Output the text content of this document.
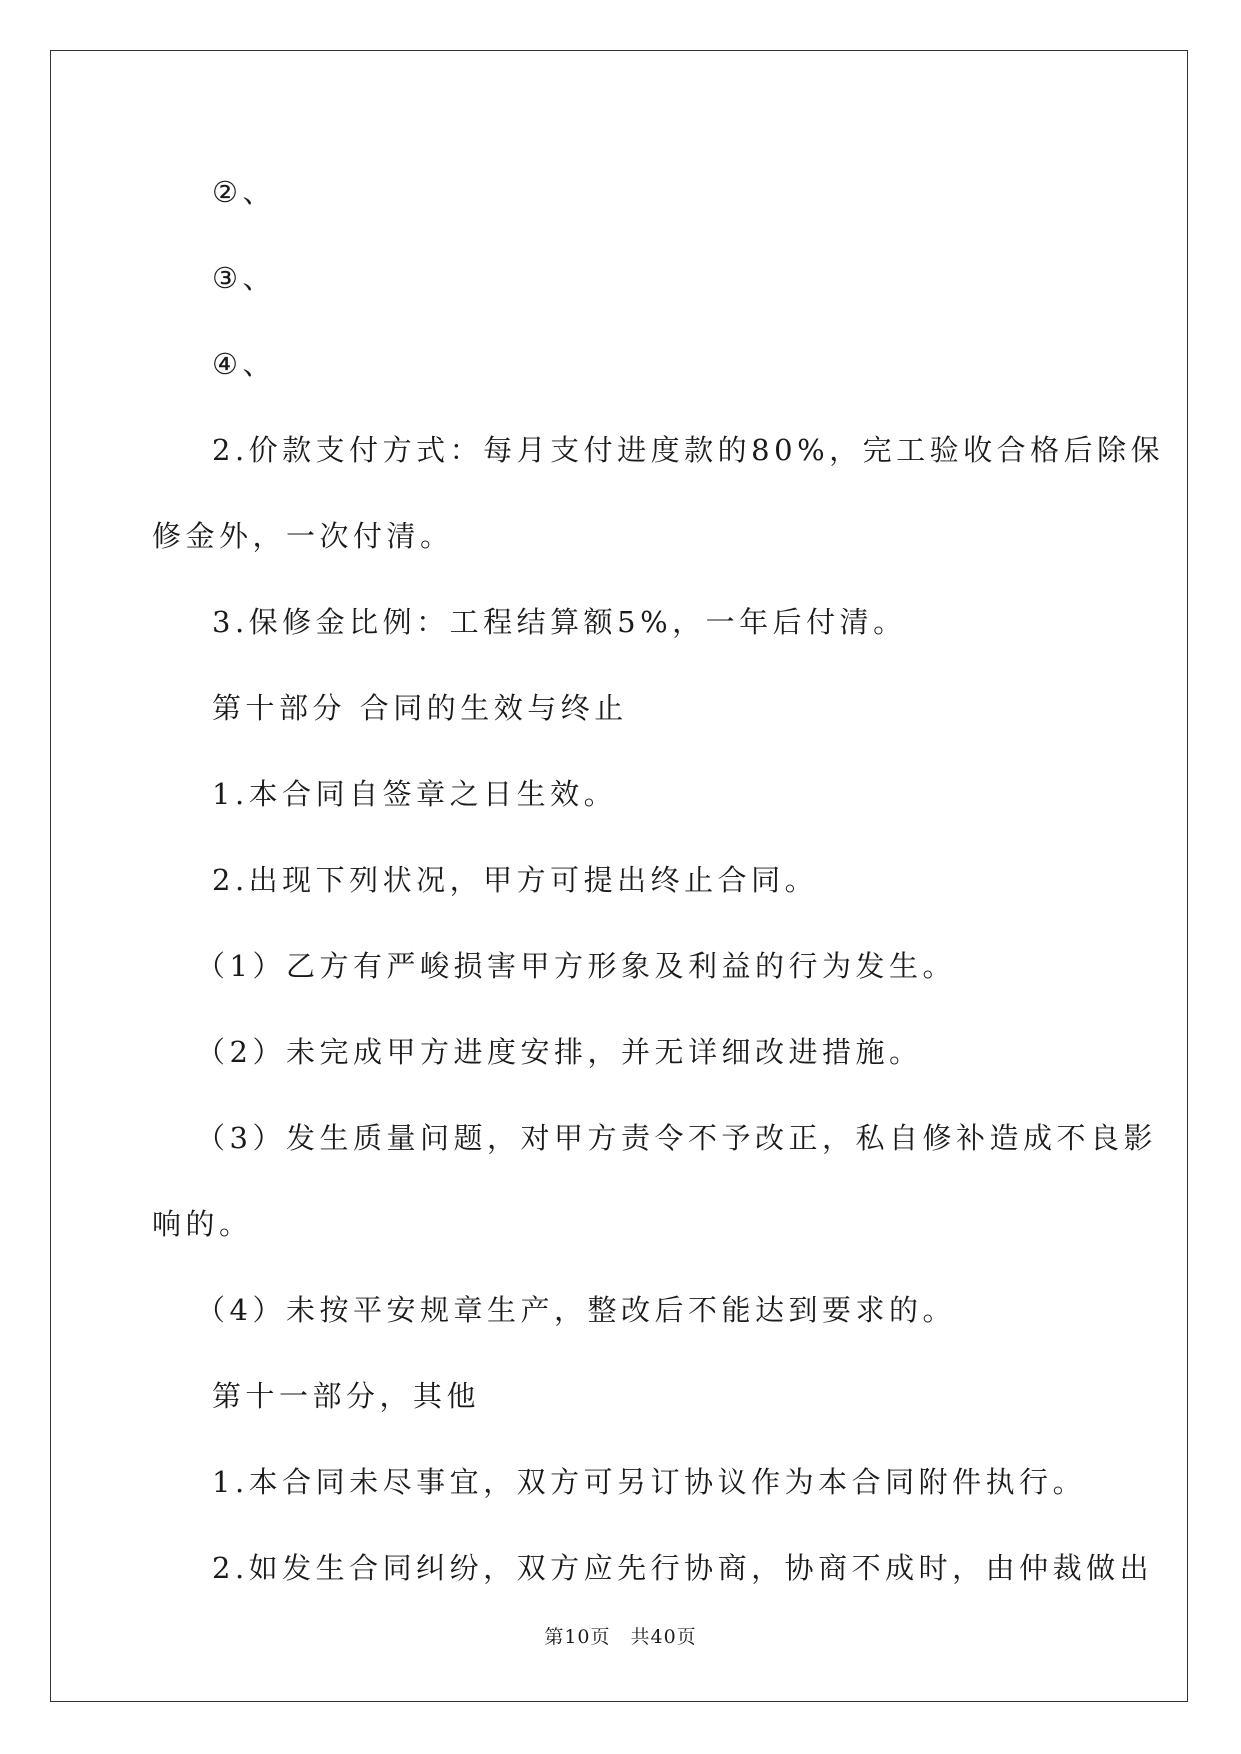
②、
③、
④、
2.价款支付方式：每月支付进度款的80%，完工验收合格后除保
修金外，一次付清。
3.保修金比例：工程结算额5%，一年后付清。
第十部分 合同的生效与终止
1.本合同自签章之日生效。
2.出现下列状况，甲方可提出终止合同。
（1）乙方有严峻损害甲方形象及利益的行为发生。
（2）未完成甲方进度安排，并无详细改进措施。
（3）发生质量问题，对甲方责令不予改正，私自修补造成不良影
响的。
（4）未按平安规章生产，整改后不能达到要求的。
第十一部分，其他
1.本合同未尽事宜，双方可另订协议作为本合同附件执行。
2.如发生合同纠纷，双方应先行协商，协商不成时，由仲裁做出
第10页　共40页
